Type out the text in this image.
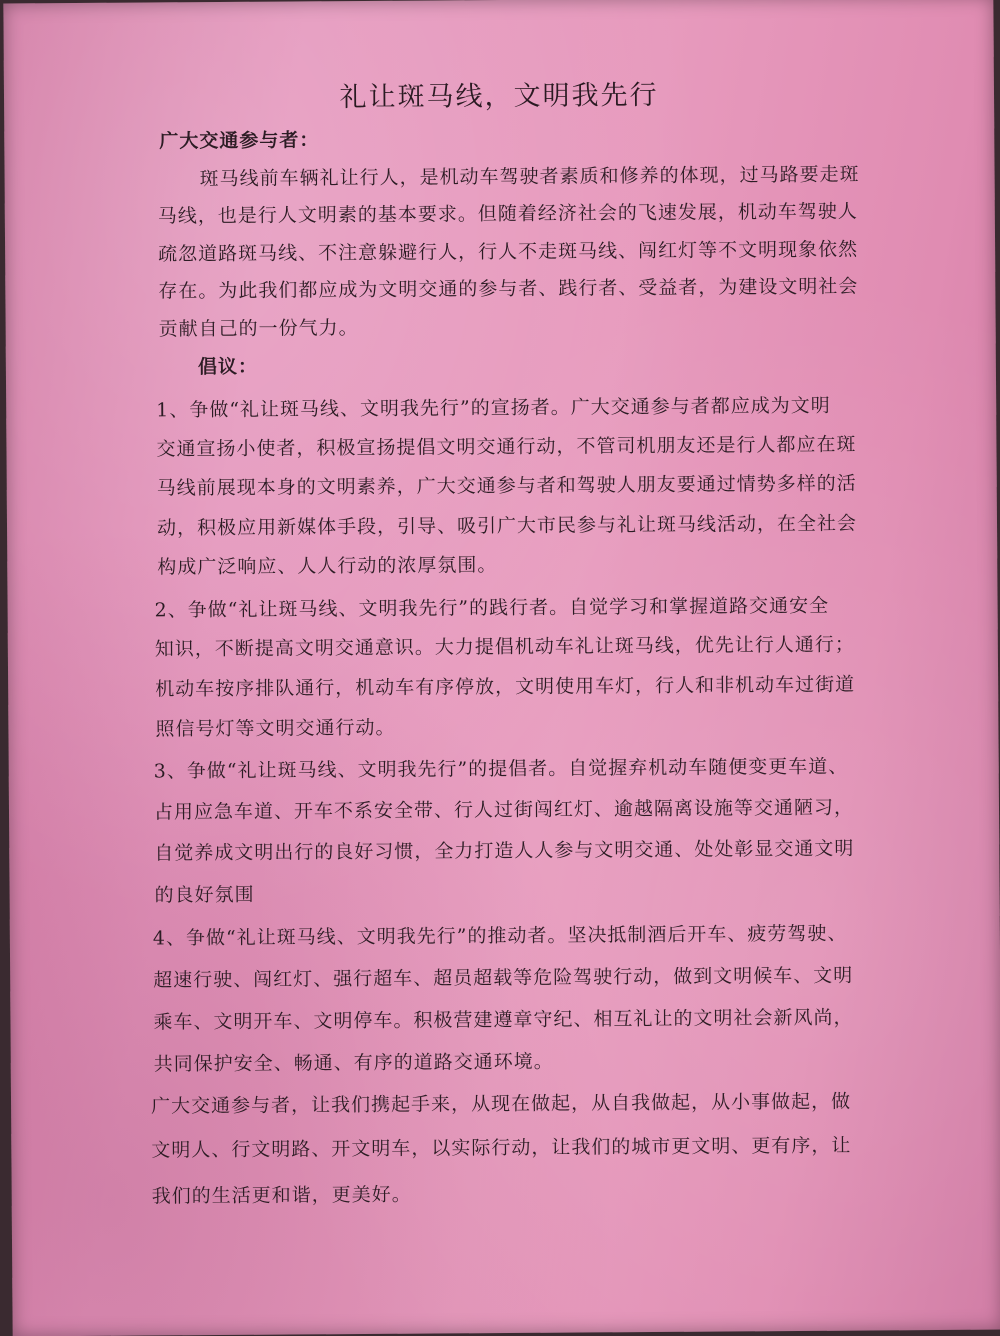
礼让斑马线，文明我先行
广大交通参与者：
斑马线前车辆礼让行人，是机动车驾驶者素质和修养的体现，过马路要走斑
马线，也是行人文明素的基本要求。但随着经济社会的飞速发展，机动车驾驶人
疏忽道路斑马线、不注意躲避行人，行人不走斑马线、闯红灯等不文明现象依然
存在。为此我们都应成为文明交通的参与者、践行者、受益者，为建设文明社会
贡献自己的一份气力。
倡议：
1、争做“礼让斑马线、文明我先行”的宣扬者。广大交通参与者都应成为文明
交通宣扬小使者，积极宣扬提倡文明交通行动，不管司机朋友还是行人都应在斑
马线前展现本身的文明素养，广大交通参与者和驾驶人朋友要通过情势多样的活
动，积极应用新媒体手段，引导、吸引广大市民参与礼让斑马线活动，在全社会
构成广泛响应、人人行动的浓厚氛围。
2、争做“礼让斑马线、文明我先行”的践行者。自觉学习和掌握道路交通安全
知识，不断提高文明交通意识。大力提倡机动车礼让斑马线，优先让行人通行；
机动车按序排队通行，机动车有序停放，文明使用车灯，行人和非机动车过街道
照信号灯等文明交通行动。
3、争做“礼让斑马线、文明我先行”的提倡者。自觉握弃机动车随便变更车道、
占用应急车道、开车不系安全带、行人过街闯红灯、逾越隔离设施等交通陋习，
自觉养成文明出行的良好习惯，全力打造人人参与文明交通、处处彰显交通文明
的良好氛围
4、争做“礼让斑马线、文明我先行”的推动者。坚决抵制酒后开车、疲劳驾驶、
超速行驶、闯红灯、强行超车、超员超载等危险驾驶行动，做到文明候车、文明
乘车、文明开车、文明停车。积极营建遵章守纪、相互礼让的文明社会新风尚，
共同保护安全、畅通、有序的道路交通环境。
广大交通参与者，让我们携起手来，从现在做起，从自我做起，从小事做起，做
文明人、行文明路、开文明车，以实际行动，让我们的城市更文明、更有序，让
我们的生活更和谐，更美好。
